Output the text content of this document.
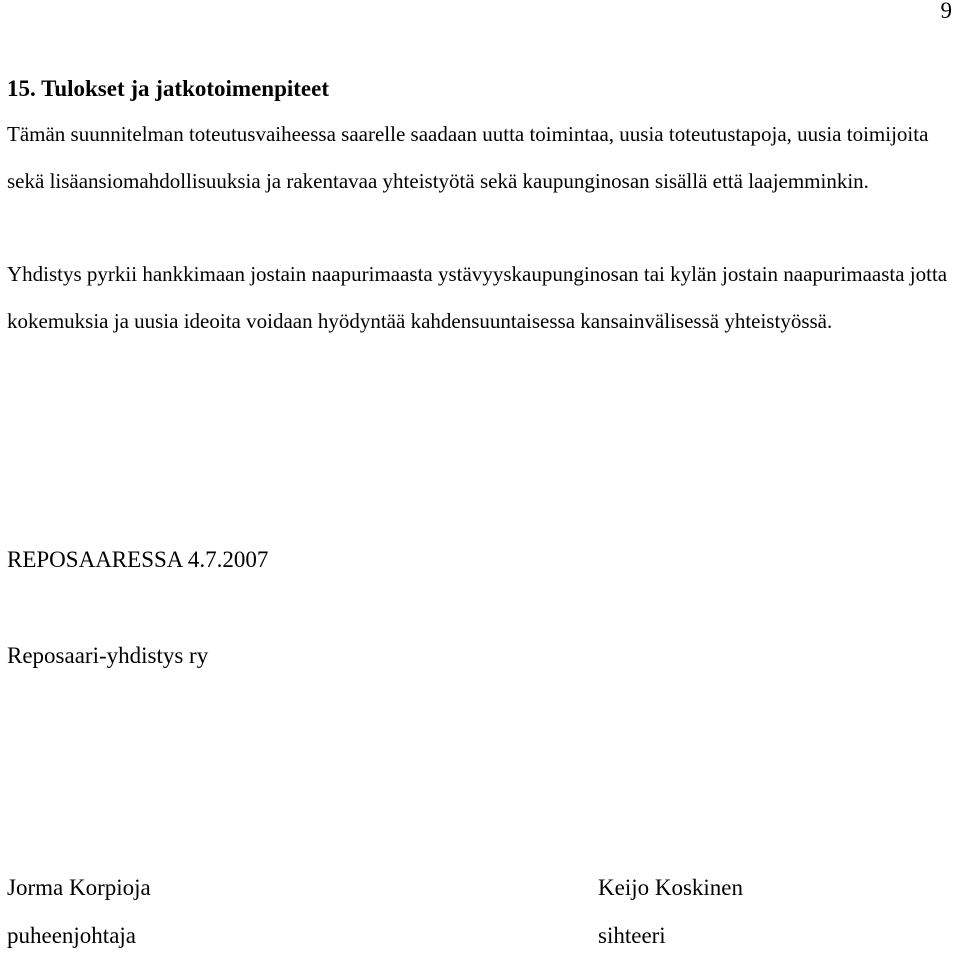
9
15. Tulokset ja jatkotoimenpiteet

Tämän suunnitelman toteutusvaiheessa saarelle saadaan uutta toimintaa, uusia toteutustapoja, uusia toimijoita sekä lisäansiomahdollisuuksia ja rakentavaa yhteistyötä sekä kaupunginosan sisällä että laajemminkin.

Yhdistys pyrkii hankkimaan jostain naapurimaasta ystävyyskaupunginosan tai kylän jostain naapurimaasta jotta kokemuksia ja uusia ideoita voidaan hyödyntää kahdensuuntaisessa kansainvälisessä yhteistyössä.

REPOSAARESSA 4.7.2007
Reposaari-yhdistys ry
Jorma Korpioja
puheenjohtaja
Keijo Koskinen
sihteeri
